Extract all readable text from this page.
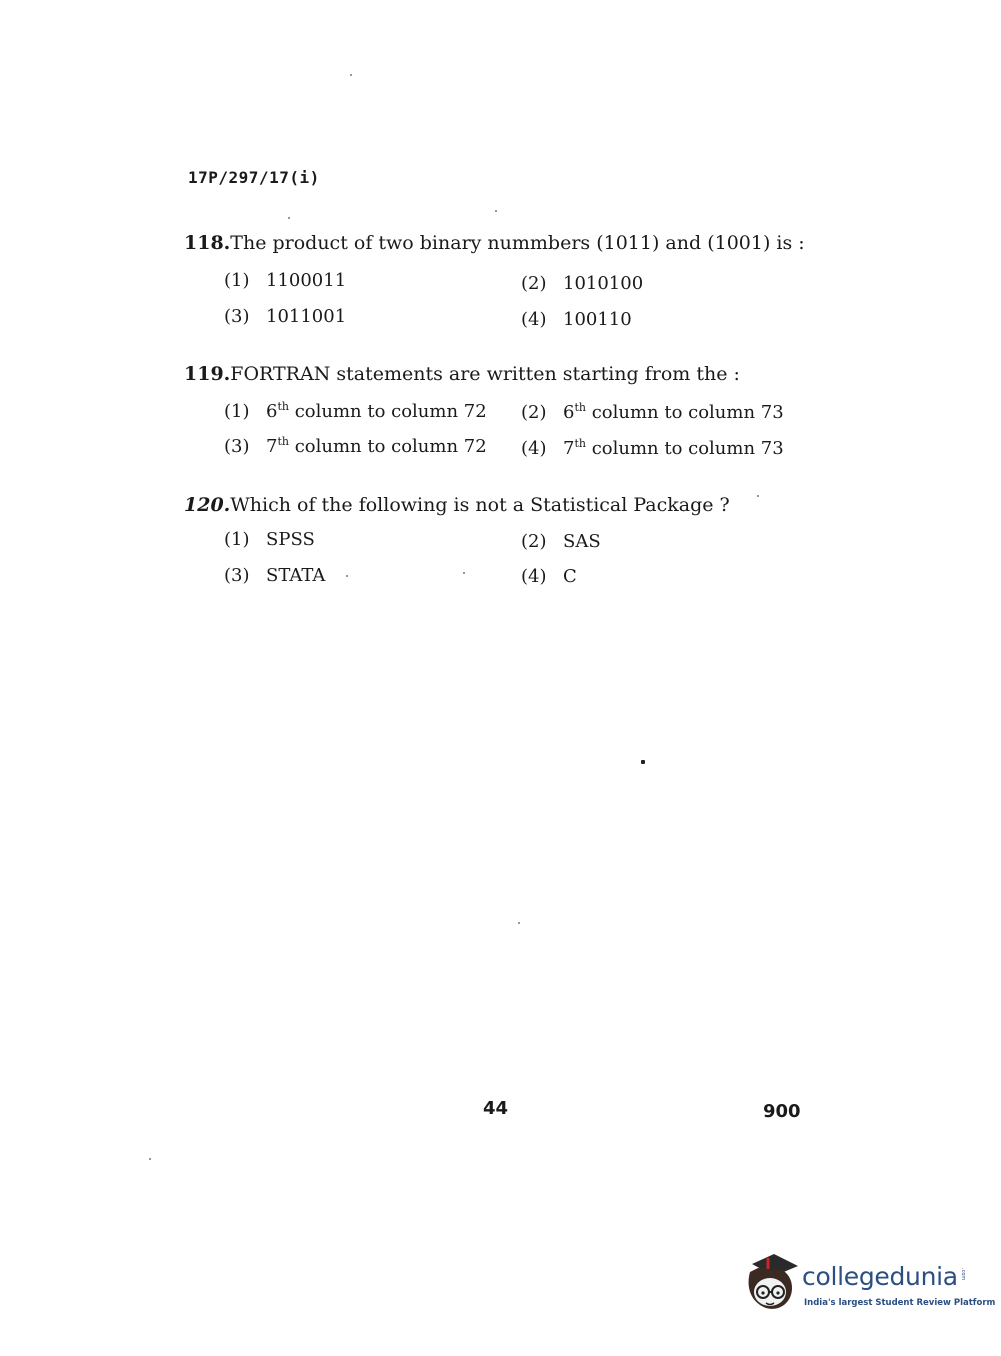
17P/297/17(i)
118.The product of two binary nummbers (1011) and (1001) is :
(1) 1100011	(2) 1010100
(3) 1011001	(4) 100110
119.FORTRAN statements are written starting from the :
(1) 6th column to column 72 (2) 6th column to column 73
(3) 7th column to column 72 (4) 7th column to column 73
120.Which of the following is not a Statistical Package ?
(1) SPSS	(2) SAS
(3) STATA	(4) C
44	900
collegedunia .com
India's largest Student Review Platform
